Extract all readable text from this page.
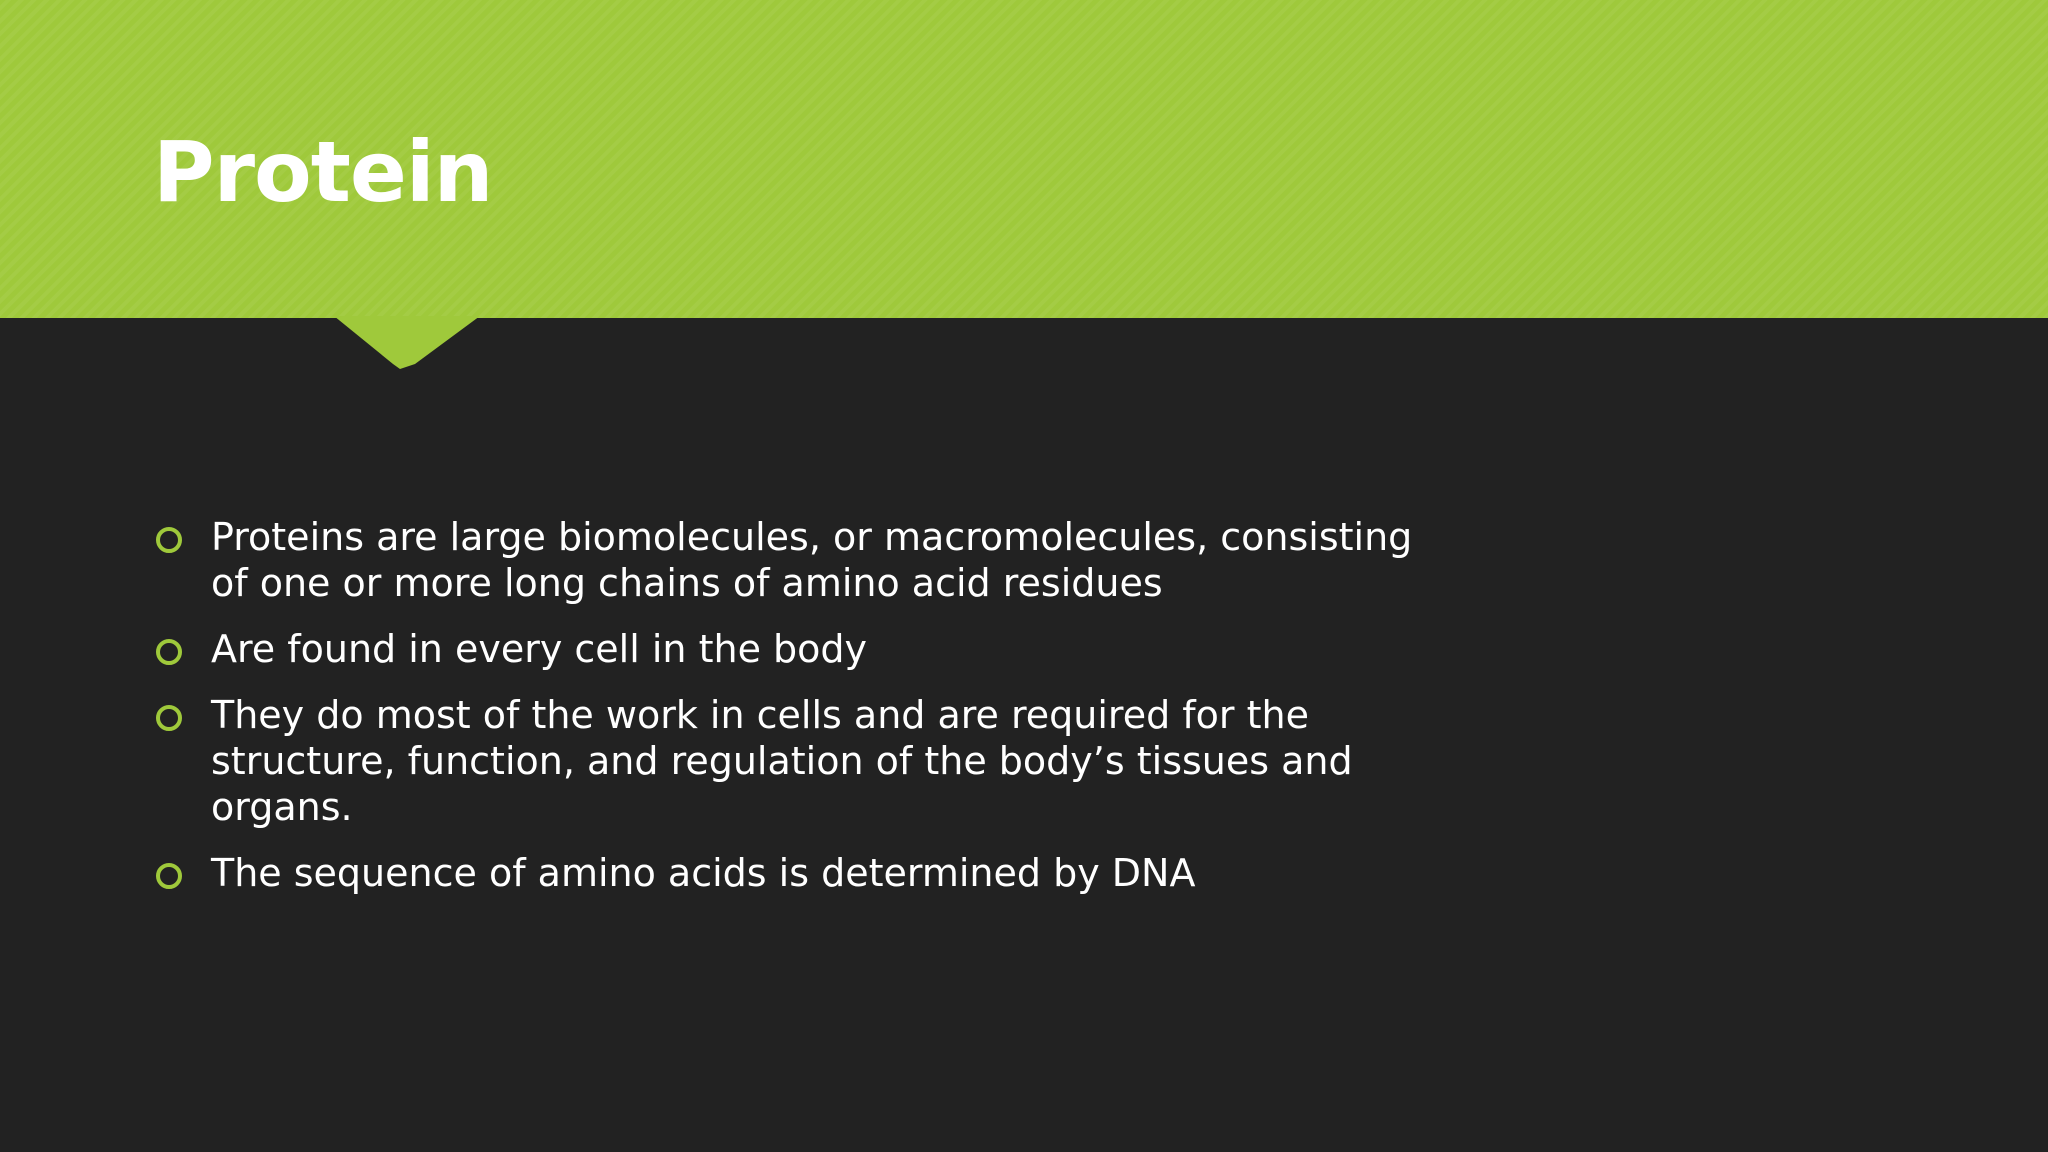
Protein
Proteins are large biomolecules, or macromolecules, consisting of one or more long chains of amino acid residues
Are found in every cell in the body
They do most of the work in cells and are required for the structure, function, and regulation of the body’s tissues and organs.
The sequence of amino acids is determined by DNA
